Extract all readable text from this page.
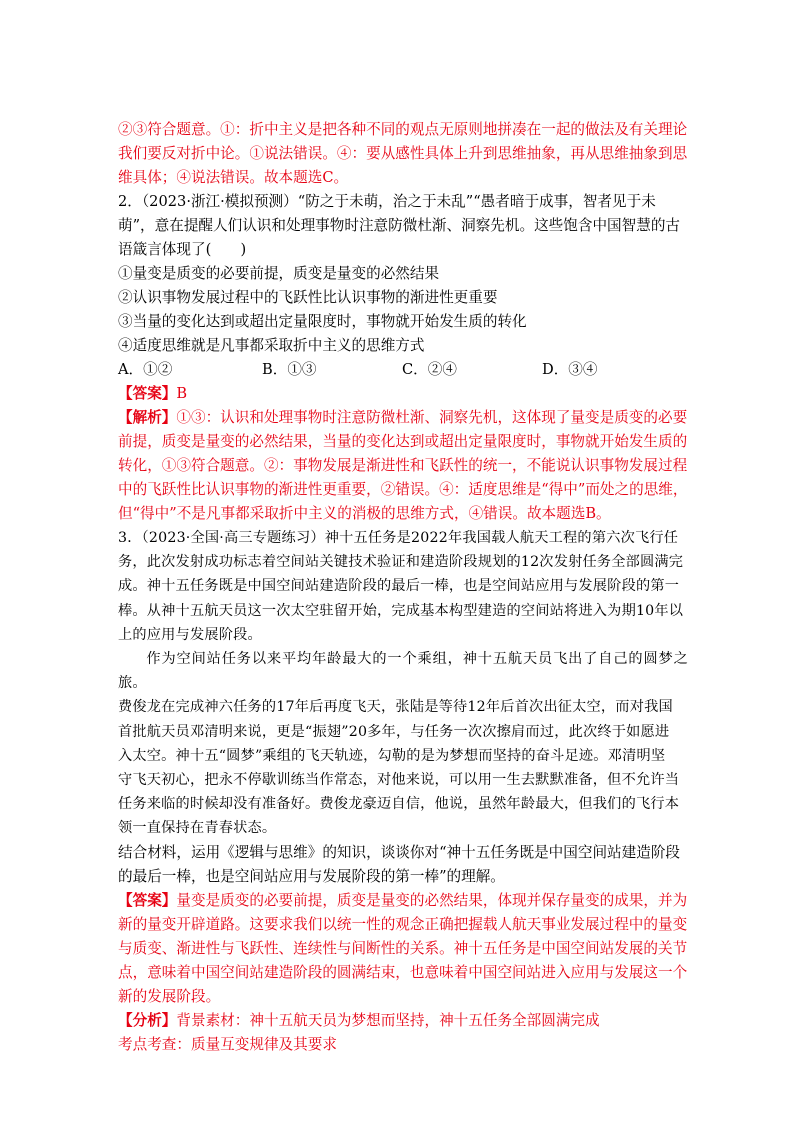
②③符合题意。①：折中主义是把各种不同的观点无原则地拼凑在一起的做法及有关理论

我们要反对折中论。①说法错误。④：要从感性具体上升到思维抽象，再从思维抽象到思

维具体；④说法错误。故本题选C。

2．（2023·浙江·模拟预测）“防之于未萌，治之于未乱”“愚者暗于成事，智者见于未

萌”，意在提醒人们认识和处理事物时注意防微杜渐、洞察先机。这些饱含中国智慧的古

语箴言体现了(　　)

①量变是质变的必要前提，质变是量变的必然结果

②认识事物发展过程中的飞跃性比认识事物的渐进性更重要

③当量的变化达到或超出定量限度时，事物就开始发生质的转化

④适度思维就是凡事都采取折中主义的思维方式

A．①②	B．①③	C．②④	D．③④

【答案】B

【解析】①③：认识和处理事物时注意防微杜渐、洞察先机，这体现了量变是质变的必要

前提，质变是量变的必然结果，当量的变化达到或超出定量限度时，事物就开始发生质的

转化，①③符合题意。②：事物发展是渐进性和飞跃性的统一，不能说认识事物发展过程

中的飞跃性比认识事物的渐进性更重要，②错误。④：适度思维是“得中”而处之的思维，

但“得中”不是凡事都采取折中主义的消极的思维方式，④错误。故本题选B。

3．（2023·全国·高三专题练习）神十五任务是2022年我国载人航天工程的第六次飞行任

务，此次发射成功标志着空间站关键技术验证和建造阶段规划的12次发射任务全部圆满完

成。神十五任务既是中国空间站建造阶段的最后一棒，也是空间站应用与发展阶段的第一

棒。从神十五航天员这一次太空驻留开始，完成基本构型建造的空间站将进入为期10年以

上的应用与发展阶段。

作为空间站任务以来平均年龄最大的一个乘组，神十五航天员飞出了自己的圆梦之旅。

费俊龙在完成神六任务的17年后再度飞天，张陆是等待12年后首次出征太空，而对我国

首批航天员邓清明来说，更是“振翅”20多年，与任务一次次擦肩而过，此次终于如愿进

入太空。神十五“圆梦”乘组的飞天轨迹，勾勒的是为梦想而坚持的奋斗足迹。邓清明坚

守飞天初心，把永不停歇训练当作常态，对他来说，可以用一生去默默准备，但不允许当

任务来临的时候却没有准备好。费俊龙豪迈自信，他说，虽然年龄最大，但我们的飞行本

领一直保持在青春状态。

结合材料，运用《逻辑与思维》的知识，谈谈你对“神十五任务既是中国空间站建造阶段

的最后一棒，也是空间站应用与发展阶段的第一棒”的理解。

【答案】量变是质变的必要前提，质变是量变的必然结果，体现并保存量变的成果，并为

新的量变开辟道路。这要求我们以统一性的观念正确把握载人航天事业发展过程中的量变

与质变、渐进性与飞跃性、连续性与间断性的关系。神十五任务是中国空间站发展的关节

点，意味着中国空间站建造阶段的圆满结束，也意味着中国空间站进入应用与发展这一个

新的发展阶段。

【分析】背景素材：神十五航天员为梦想而坚持，神十五任务全部圆满完成

考点考查：质量互变规律及其要求
